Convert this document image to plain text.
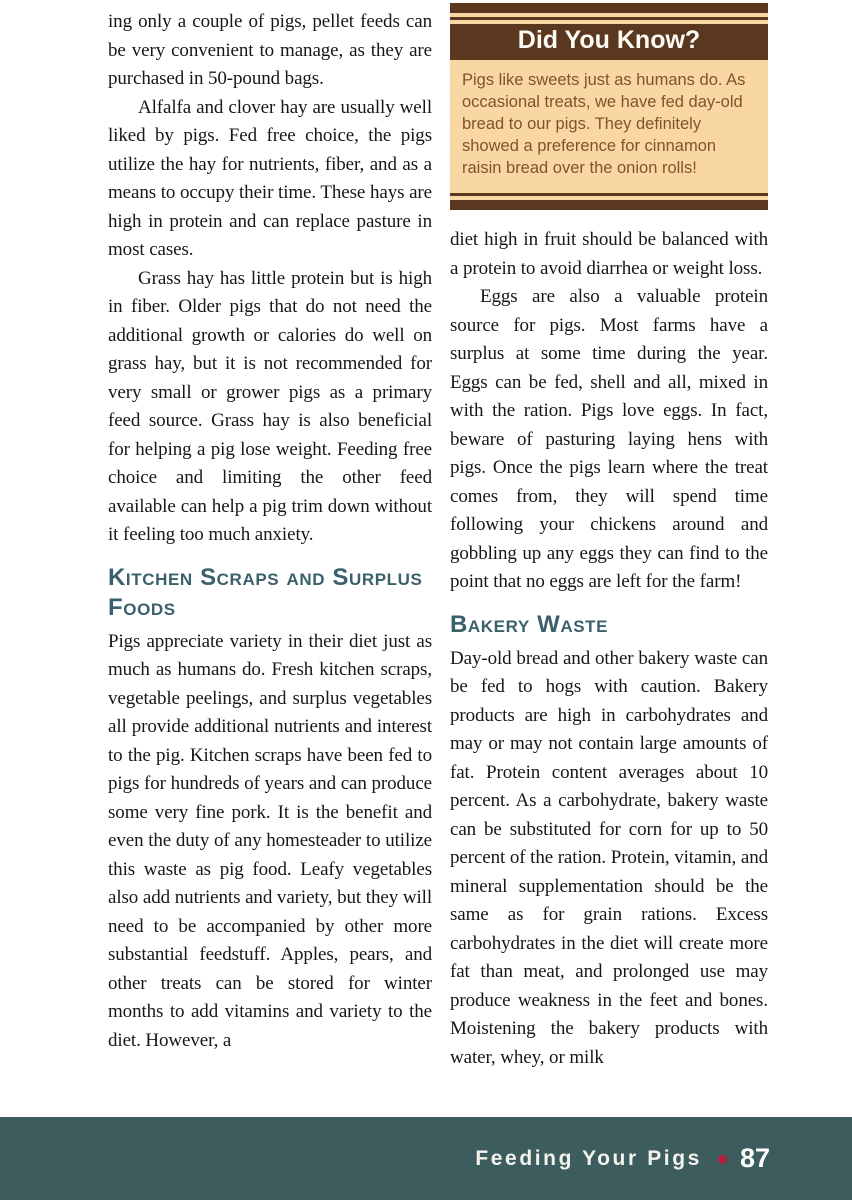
ing only a couple of pigs, pellet feeds can be very convenient to manage, as they are purchased in 50-pound bags.

Alfalfa and clover hay are usually well liked by pigs. Fed free choice, the pigs utilize the hay for nutrients, fiber, and as a means to occupy their time. These hays are high in protein and can replace pasture in most cases.

Grass hay has little protein but is high in fiber. Older pigs that do not need the additional growth or calories do well on grass hay, but it is not recommended for very small or grower pigs as a primary feed source. Grass hay is also beneficial for helping a pig lose weight. Feeding free choice and limiting the other feed available can help a pig trim down without it feeling too much anxiety.

Kitchen Scraps and Surplus Foods

Pigs appreciate variety in their diet just as much as humans do. Fresh kitchen scraps, vegetable peelings, and surplus vegetables all provide additional nutrients and interest to the pig. Kitchen scraps have been fed to pigs for hundreds of years and can produce some very fine pork. It is the benefit and even the duty of any homesteader to utilize this waste as pig food. Leafy vegetables also add nutrients and variety, but they will need to be accompanied by other more substantial feedstuff. Apples, pears, and other treats can be stored for winter months to add vitamins and variety to the diet. However, a

Did You Know?
Pigs like sweets just as humans do. As occasional treats, we have fed day-old bread to our pigs. They definitely showed a preference for cinnamon raisin bread over the onion rolls!

diet high in fruit should be balanced with a protein to avoid diarrhea or weight loss.

Eggs are also a valuable protein source for pigs. Most farms have a surplus at some time during the year. Eggs can be fed, shell and all, mixed in with the ration. Pigs love eggs. In fact, beware of pasturing laying hens with pigs. Once the pigs learn where the treat comes from, they will spend time following your chickens around and gobbling up any eggs they can find to the point that no eggs are left for the farm!

Bakery Waste

Day-old bread and other bakery waste can be fed to hogs with caution. Bakery products are high in carbohydrates and may or may not contain large amounts of fat. Protein content averages about 10 percent. As a carbohydrate, bakery waste can be substituted for corn for up to 50 percent of the ration. Protein, vitamin, and mineral supplementation should be the same as for grain rations. Excess carbohydrates in the diet will create more fat than meat, and prolonged use may produce weakness in the feet and bones. Moistening the bakery products with water, whey, or milk

Feeding Your Pigs 87
